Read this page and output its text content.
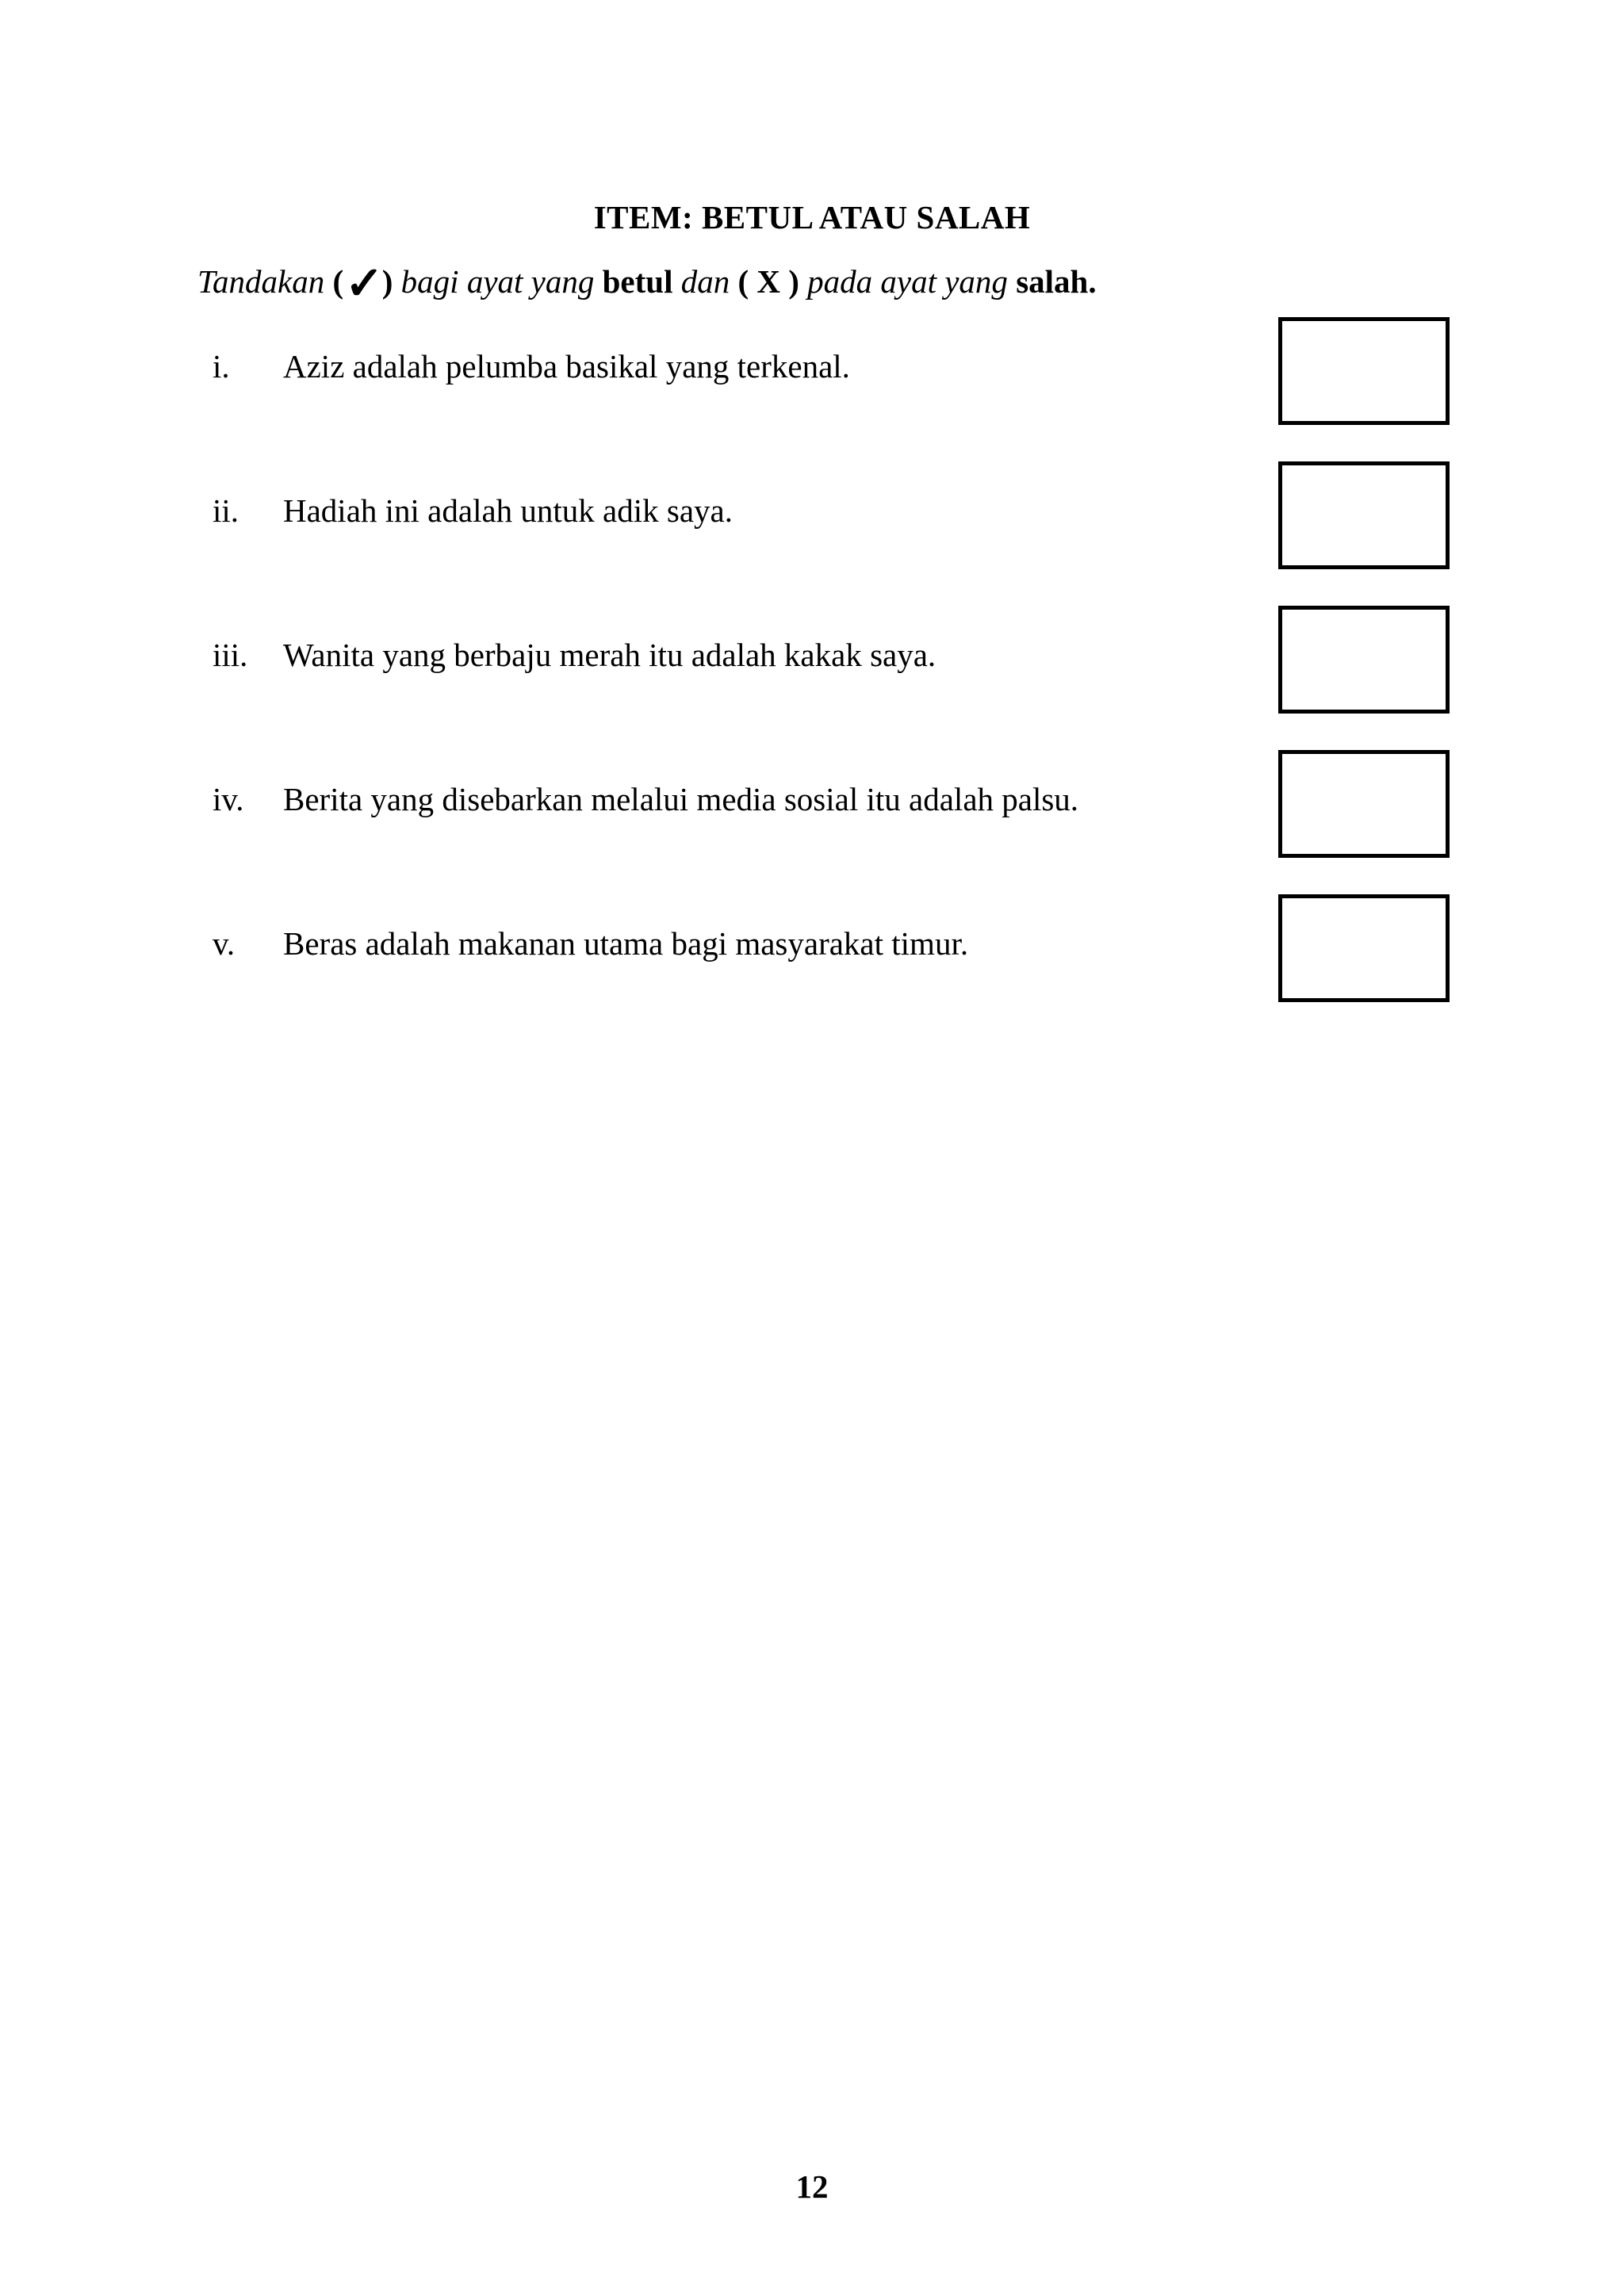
ITEM: BETUL ATAU SALAH
Tandakan (✓) bagi ayat yang betul dan ( X ) pada ayat yang salah.
i. Aziz adalah pelumba basikal yang terkenal.
ii. Hadiah ini adalah untuk adik saya.
iii. Wanita yang berbaju merah itu adalah kakak saya.
iv. Berita yang disebarkan melalui media sosial itu adalah palsu.
v. Beras adalah makanan utama bagi masyarakat timur.
12
